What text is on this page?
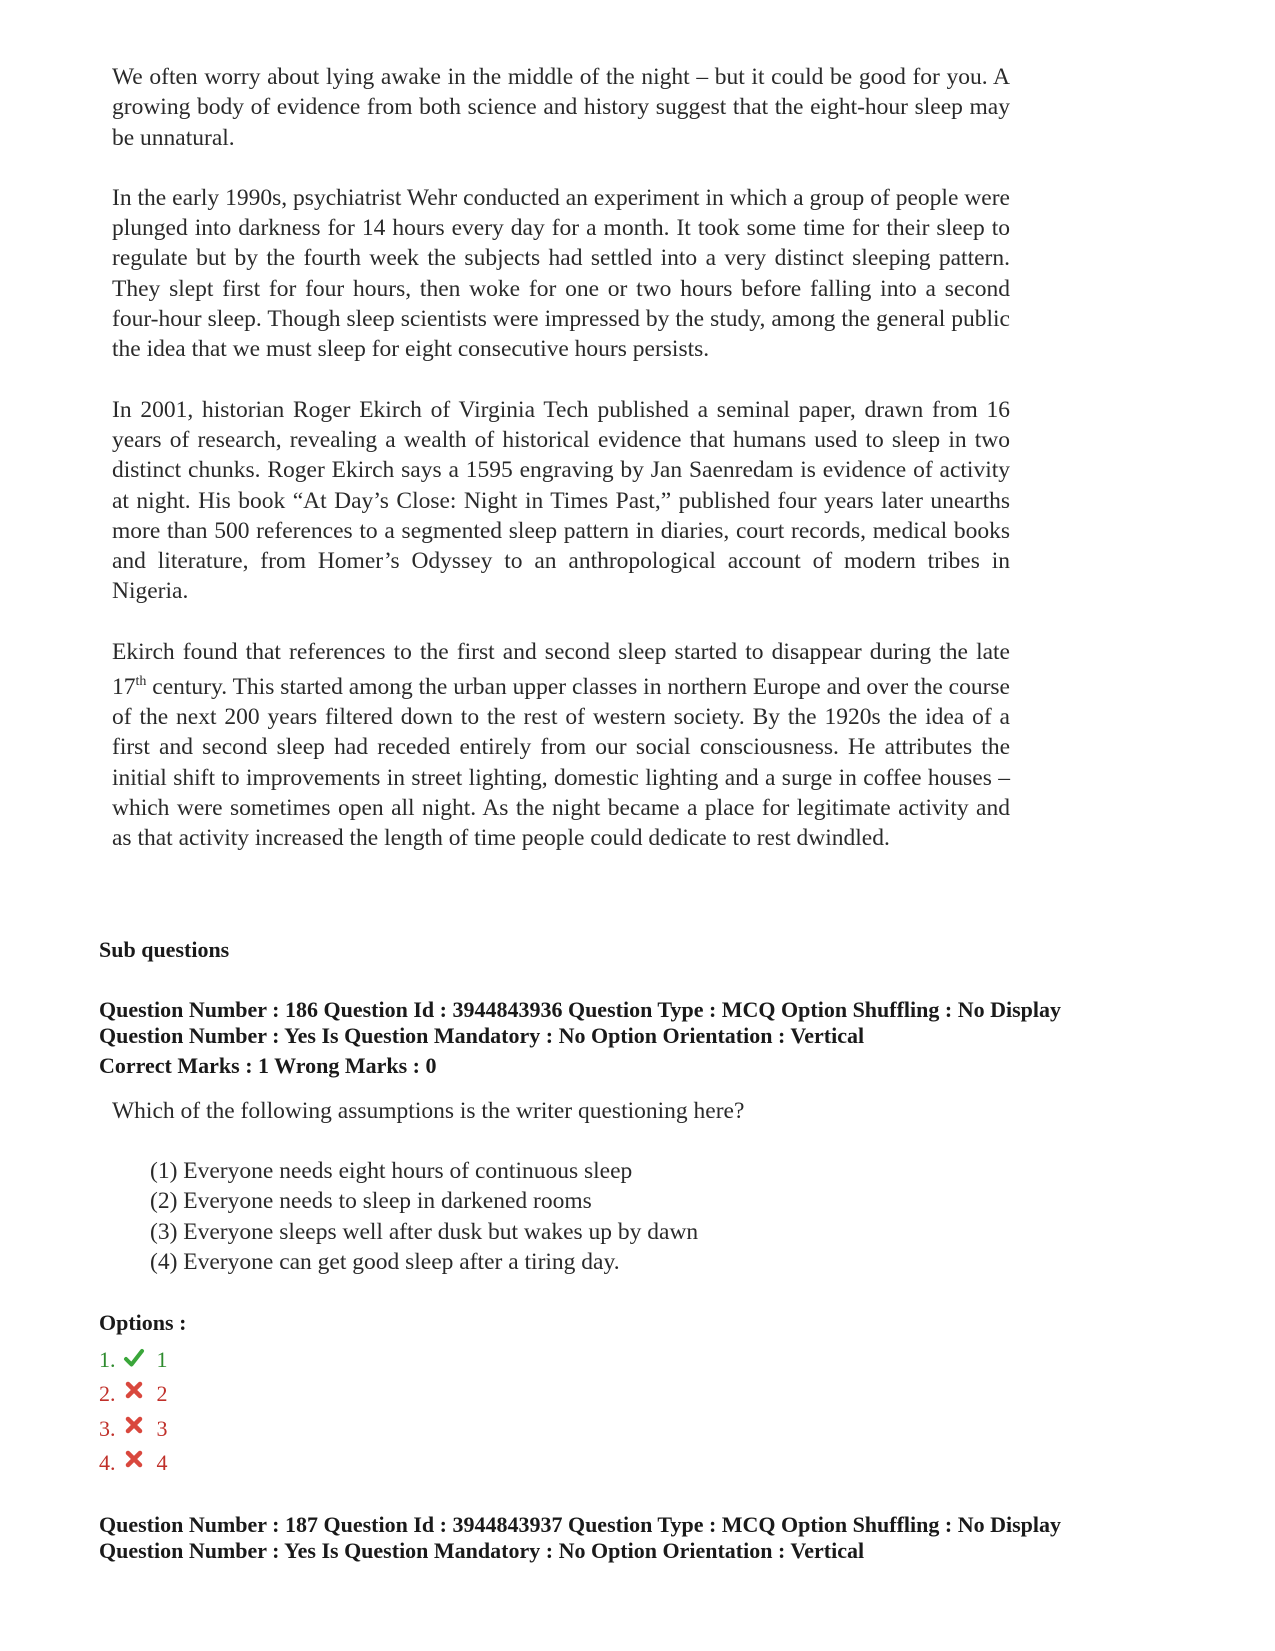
We often worry about lying awake in the middle of the night – but it could be good for you. A growing body of evidence from both science and history suggest that the eight-hour sleep may be unnatural.

In the early 1990s, psychiatrist Wehr conducted an experiment in which a group of people were plunged into darkness for 14 hours every day for a month. It took some time for their sleep to regulate but by the fourth week the subjects had settled into a very distinct sleeping pattern. They slept first for four hours, then woke for one or two hours before falling into a second four-hour sleep. Though sleep scientists were impressed by the study, among the general public the idea that we must sleep for eight consecutive hours persists.

In 2001, historian Roger Ekirch of Virginia Tech published a seminal paper, drawn from 16 years of research, revealing a wealth of historical evidence that humans used to sleep in two distinct chunks. Roger Ekirch says a 1595 engraving by Jan Saenredam is evidence of activity at night. His book “At Day’s Close: Night in Times Past,” published four years later unearths more than 500 references to a segmented sleep pattern in diaries, court records, medical books and literature, from Homer’s Odyssey to an anthropological account of modern tribes in Nigeria.

Ekirch found that references to the first and second sleep started to disappear during the late 17th century. This started among the urban upper classes in northern Europe and over the course of the next 200 years filtered down to the rest of western society. By the 1920s the idea of a first and second sleep had receded entirely from our social consciousness. He attributes the initial shift to improvements in street lighting, domestic lighting and a surge in coffee houses – which were sometimes open all night. As the night became a place for legitimate activity and as that activity increased the length of time people could dedicate to rest dwindled.

Sub questions
Question Number : 186 Question Id : 3944843936 Question Type : MCQ Option Shuffling : No Display
Question Number : Yes Is Question Mandatory : No Option Orientation : Vertical
Correct Marks : 1 Wrong Marks : 0
Which of the following assumptions is the writer questioning here?
(1) Everyone needs eight hours of continuous sleep
(2) Everyone needs to sleep in darkened rooms
(3) Everyone sleeps well after dusk but wakes up by dawn
(4) Everyone can get good sleep after a tiring day.
Options :
1. 1
2. 2
3. 3
4. 4
Question Number : 187 Question Id : 3944843937 Question Type : MCQ Option Shuffling : No Display
Question Number : Yes Is Question Mandatory : No Option Orientation : Vertical
